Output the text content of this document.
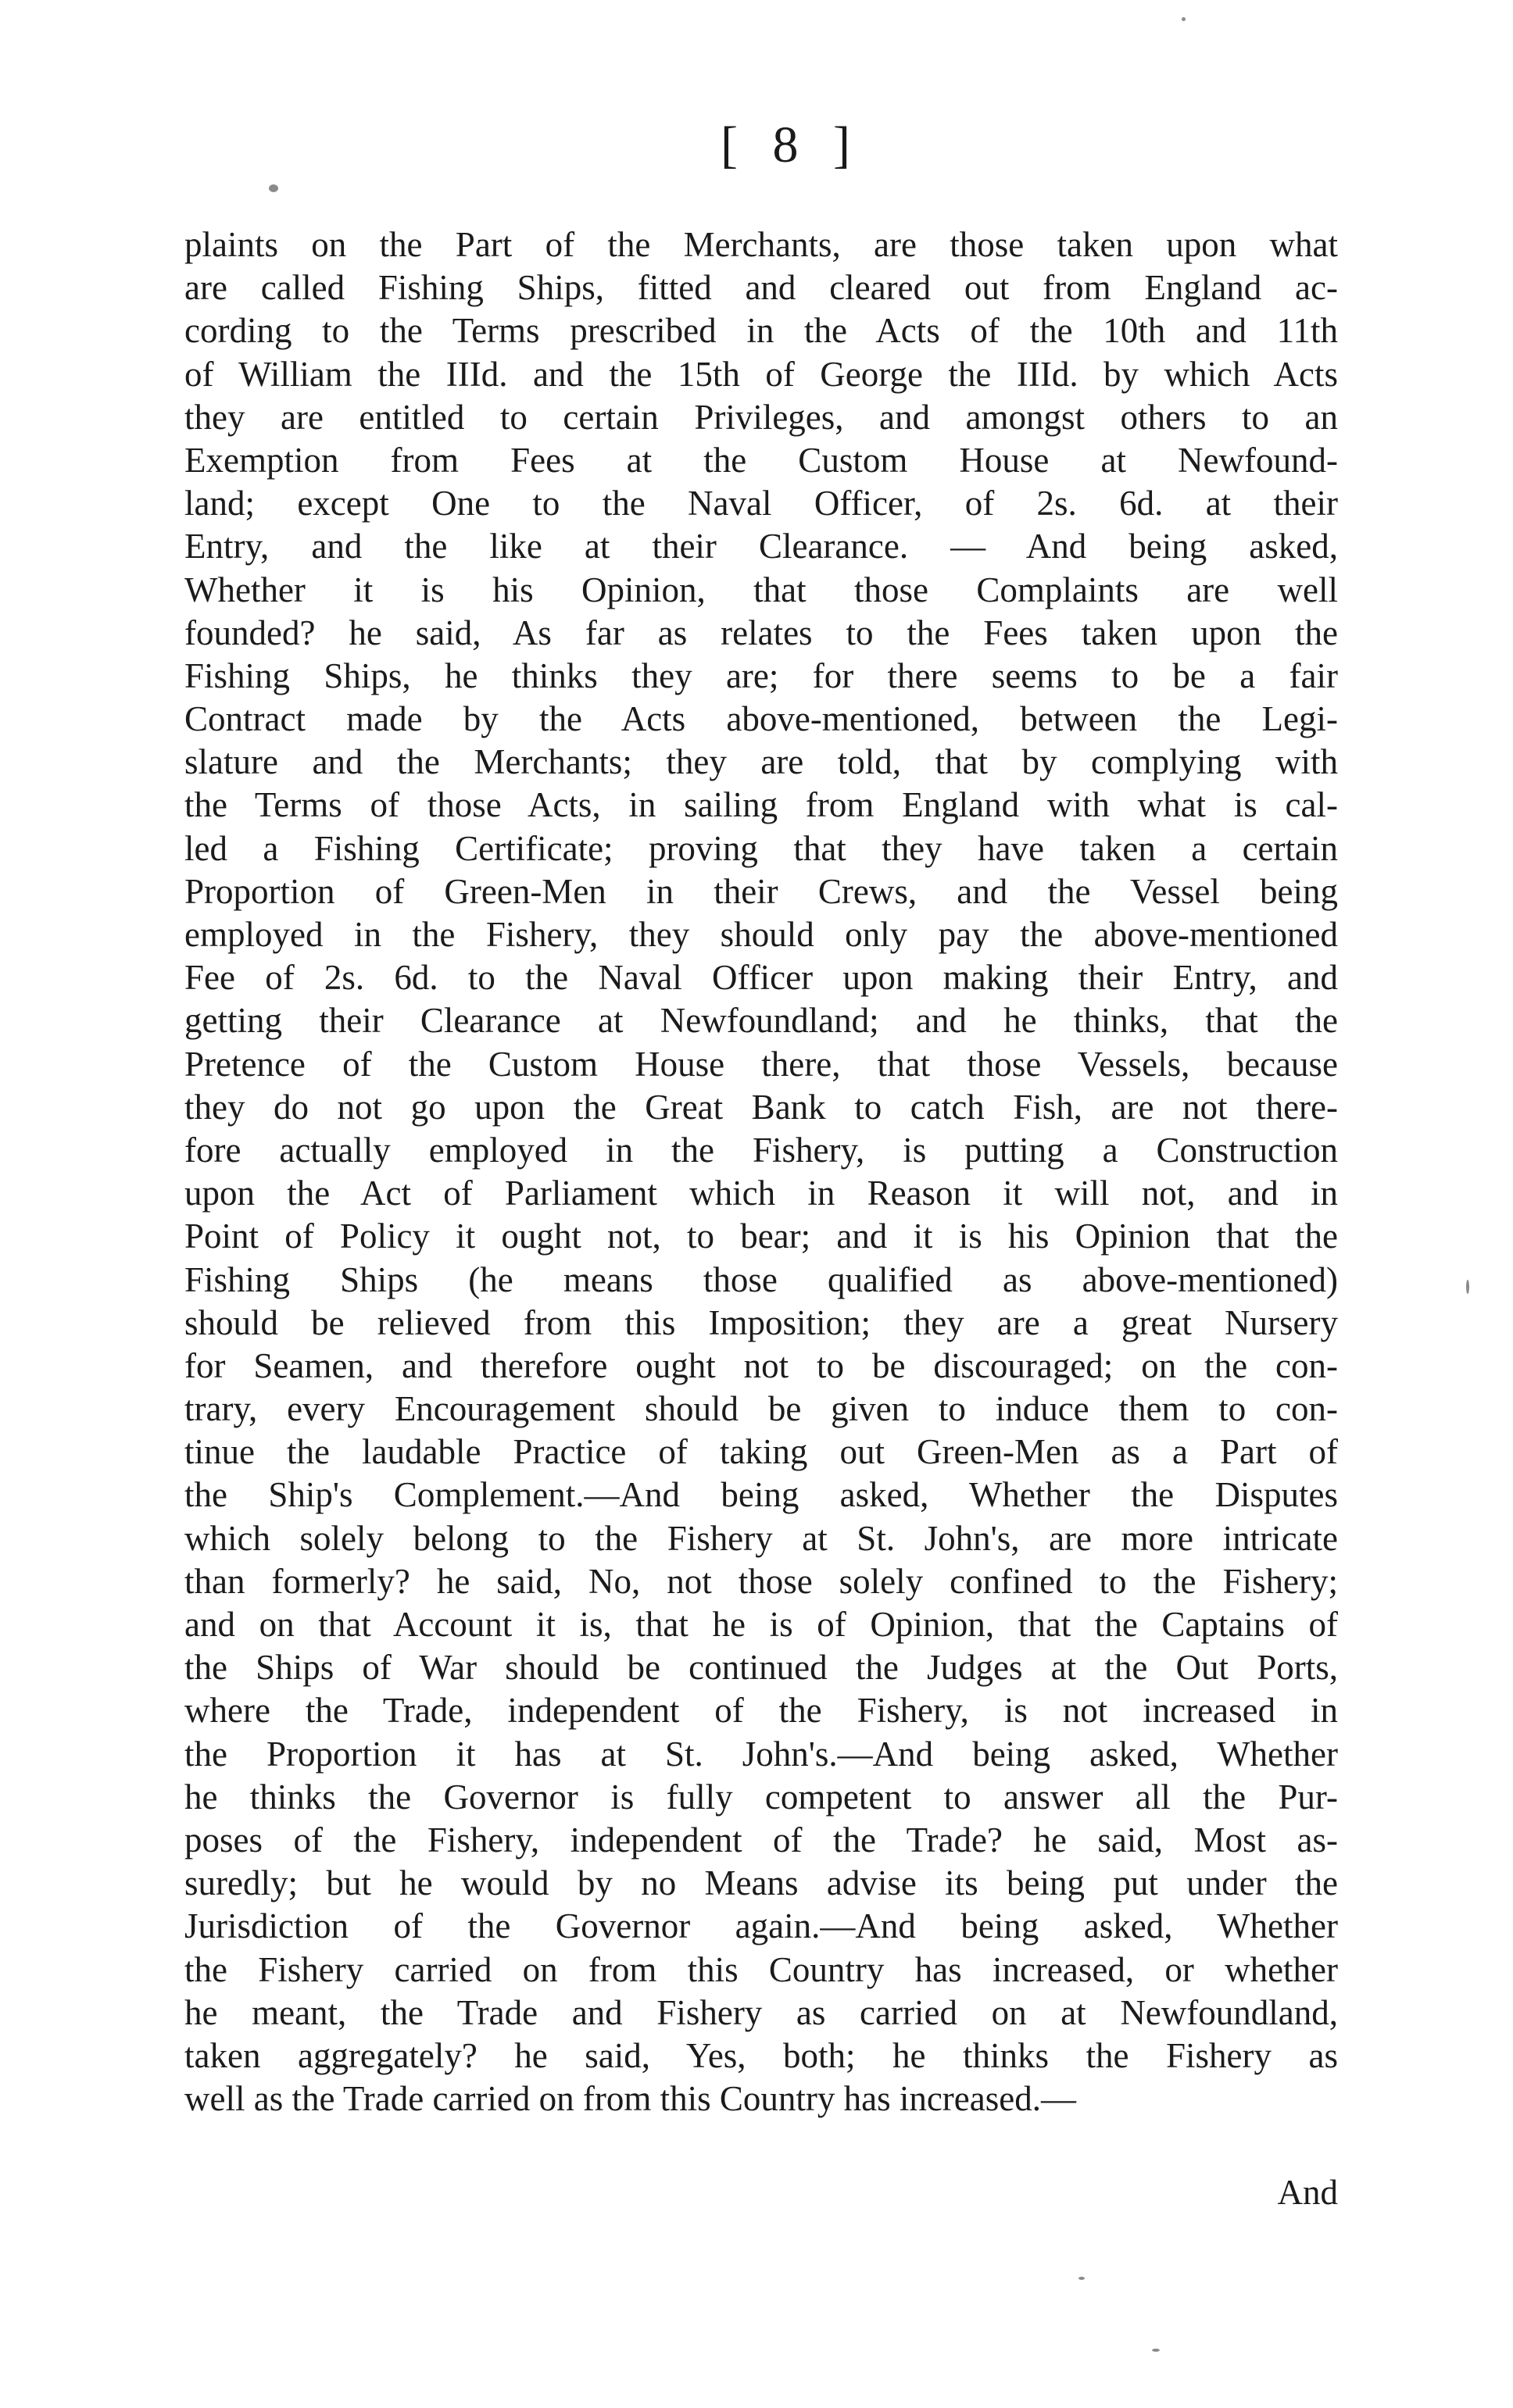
[ 8 ]
plaints on the Part of the Merchants, are those taken upon what
are called Fishing Ships, fitted and cleared out from England ac-
cording to the Terms prescribed in the Acts of the 10th and 11th
of William the IIId. and the 15th of George the IIId. by which Acts
they are entitled to certain Privileges, and amongst others to an
Exemption from Fees at the Custom House at Newfound-
land; except One to the Naval Officer, of 2s. 6d. at their
Entry, and the like at their Clearance. — And being asked,
Whether it is his Opinion, that those Complaints are well
founded? he said, As far as relates to the Fees taken upon the
Fishing Ships, he thinks they are; for there seems to be a fair
Contract made by the Acts above-mentioned, between the Legi-
slature and the Merchants; they are told, that by complying with
the Terms of those Acts, in sailing from England with what is cal-
led a Fishing Certificate; proving that they have taken a certain
Proportion of Green-Men in their Crews, and the Vessel being
employed in the Fishery, they should only pay the above-mentioned
Fee of 2s. 6d. to the Naval Officer upon making their Entry, and
getting their Clearance at Newfoundland; and he thinks, that the
Pretence of the Custom House there, that those Vessels, because
they do not go upon the Great Bank to catch Fish, are not there-
fore actually employed in the Fishery, is putting a Construction
upon the Act of Parliament which in Reason it will not, and in
Point of Policy it ought not, to bear; and it is his Opinion that the
Fishing Ships (he means those qualified as above-mentioned)
should be relieved from this Imposition; they are a great Nursery
for Seamen, and therefore ought not to be discouraged; on the con-
trary, every Encouragement should be given to induce them to con-
tinue the laudable Practice of taking out Green-Men as a Part of
the Ship's Complement.—And being asked, Whether the Disputes
which solely belong to the Fishery at St. John's, are more intricate
than formerly? he said, No, not those solely confined to the Fishery;
and on that Account it is, that he is of Opinion, that the Captains of
the Ships of War should be continued the Judges at the Out Ports,
where the Trade, independent of the Fishery, is not increased in
the Proportion it has at St. John's.—And being asked, Whether
he thinks the Governor is fully competent to answer all the Pur-
poses of the Fishery, independent of the Trade? he said, Most as-
suredly; but he would by no Means advise its being put under the
Jurisdiction of the Governor again.—And being asked, Whether
the Fishery carried on from this Country has increased, or whether
he meant, the Trade and Fishery as carried on at Newfoundland,
taken aggregately? he said, Yes, both; he thinks the Fishery as
well as the Trade carried on from this Country has increased.—
And
